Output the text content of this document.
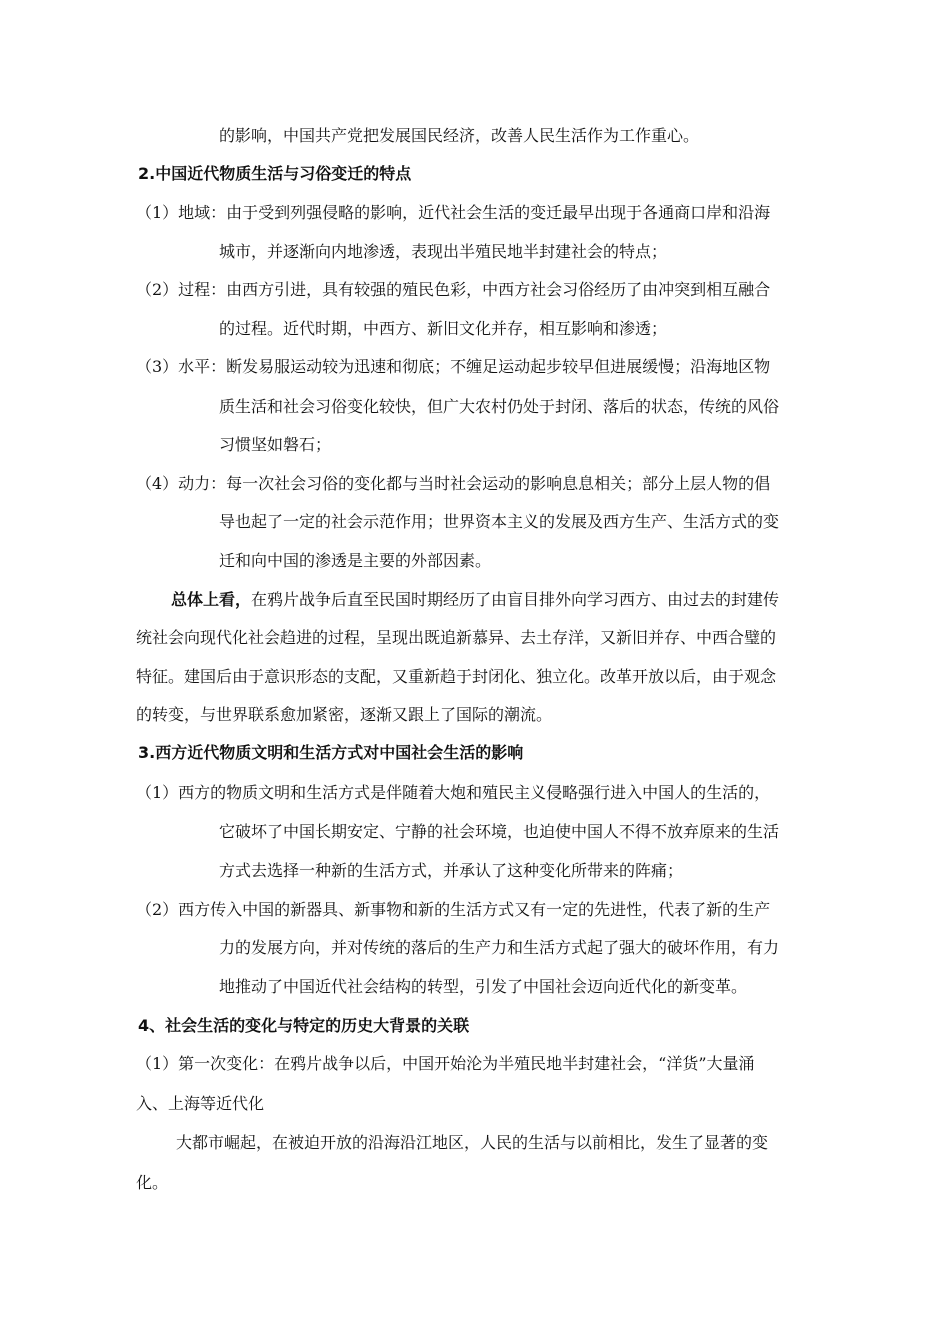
的影响，中国共产党把发展国民经济，改善人民生活作为工作重心。
2.中国近代物质生活与习俗变迁的特点
（1）地域：由于受到列强侵略的影响，近代社会生活的变迁最早出现于各通商口岸和沿海
城市，并逐渐向内地渗透，表现出半殖民地半封建社会的特点；
（2）过程：由西方引进，具有较强的殖民色彩，中西方社会习俗经历了由冲突到相互融合
的过程。近代时期，中西方、新旧文化并存，相互影响和渗透；
（3）水平：断发易服运动较为迅速和彻底；不缠足运动起步较早但进展缓慢；沿海地区物
质生活和社会习俗变化较快，但广大农村仍处于封闭、落后的状态，传统的风俗
习惯坚如磐石；
（4）动力：每一次社会习俗的变化都与当时社会运动的影响息息相关；部分上层人物的倡
导也起了一定的社会示范作用；世界资本主义的发展及西方生产、生活方式的变
迁和向中国的渗透是主要的外部因素。
总体上看，在鸦片战争后直至民国时期经历了由盲目排外向学习西方、由过去的封建传
统社会向现代化社会趋进的过程，呈现出既追新慕异、去土存洋，又新旧并存、中西合璧的
特征。建国后由于意识形态的支配，又重新趋于封闭化、独立化。改革开放以后，由于观念
的转变，与世界联系愈加紧密，逐渐又跟上了国际的潮流。
3.西方近代物质文明和生活方式对中国社会生活的影响
（1）西方的物质文明和生活方式是伴随着大炮和殖民主义侵略强行进入中国人的生活的，
它破坏了中国长期安定、宁静的社会环境，也迫使中国人不得不放弃原来的生活
方式去选择一种新的生活方式，并承认了这种变化所带来的阵痛；
（2）西方传入中国的新器具、新事物和新的生活方式又有一定的先进性，代表了新的生产
力的发展方向，并对传统的落后的生产力和生活方式起了强大的破坏作用，有力
地推动了中国近代社会结构的转型，引发了中国社会迈向近代化的新变革。
4、社会生活的变化与特定的历史大背景的关联
（1）第一次变化：在鸦片战争以后，中国开始沦为半殖民地半封建社会，“洋货”大量涌
入、上海等近代化
大都市崛起，在被迫开放的沿海沿江地区，人民的生活与以前相比，发生了显著的变
化。
